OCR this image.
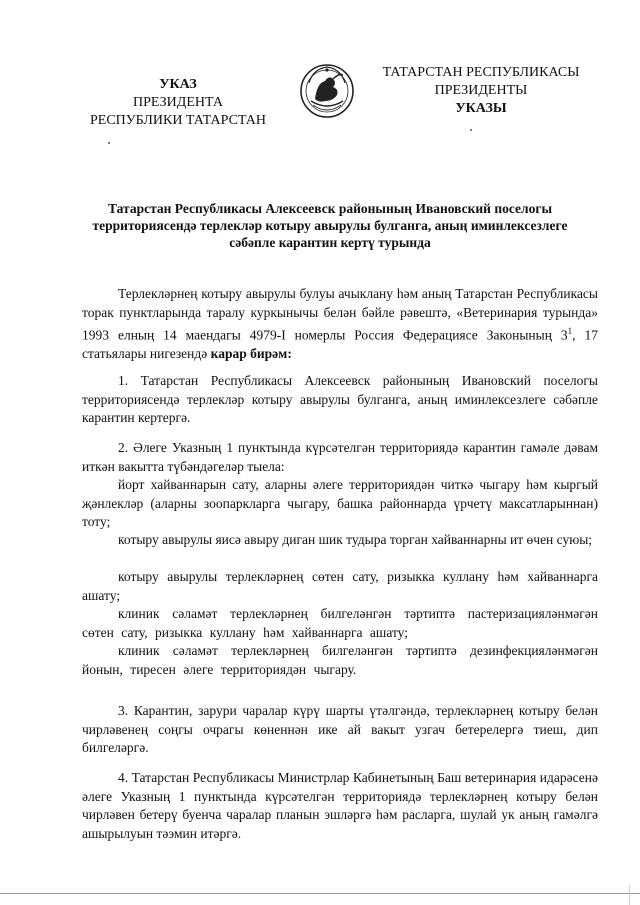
УКАЗ
ПРЕЗИДЕНТА
РЕСПУБЛИКИ ТАТАРСТАН
ТАТАРСТАН РЕСПУБЛИКАСЫ
ПРЕЗИДЕНТЫ
УКАЗЫ
Татарстан Республикасы Алексеевск районының Ивановский поселогы территориясендә терлекләр котыру авырулы булганга, аның иминлексезлеге сәбәпле карантин кертү турында
Терлекләрнең котыру авырулы булуы ачыклану һәм аның Татарстан Республикасы торак пунктларында таралу куркынычы белән бәйле рәвештә, «Ветеринария турында» 1993 елның 14 маендагы 4979-I номерлы Россия Федерациясе Законының $3^1$, 17 статьялары нигезендә карар бирәм:
1. Татарстан Республикасы Алексеевск районының Ивановский поселогы территориясендә терлекләр котыру авырулы булганга, аның иминлексезлеге сәбәпле карантин кертергә.
2. Әлеге Указның 1 пунктында күрсәтелгән территориядә карантин гамәле дәвам иткән вакытта түбәндәгеләр тыела:
йорт хайваннарын сату, аларны әлеге территориядән читкә чыгару һәм кыргый җәнлекләр (аларны зоопаркларга чыгару, башка районнарда үрчетү максатларыннан) тоту;
котыру авырулы яисә авыру диган шик тудыра торган хайваннарны ит өчен суюы;
котыру авырулы терлекләрнең сөтен сату, ризыкка куллану һәм хайваннарга ашату;
клиник сәламәт терлекләрнең билгеләнгән тәртиптә пастеризацияләнмәгән сөтен сату, ризыкка куллану һәм хайваннарга ашату;
клиник сәламәт терлекләрнең билгеләнгән тәртиптә дезинфекцияләнмәгән йонын, тиресен әлеге территориядән чыгару.
3. Карантин, зарури чаралар күрү шарты үтәлгәндә, терлекләрнең котыру белән чирләвенең соңгы очрагы көненнән ике ай вакыт узгач бетерелергә тиеш, дип билгеләргә.
4. Татарстан Республикасы Министрлар Кабинетының Баш ветеринария идарәсенә әлеге Указның 1 пунктында күрсәтелгән территориядә терлекләрнең котыру белән чирләвен бетерү буенча чаралар планын эшләргә һәм расларга, шулай ук аның гамәлгә ашырылуын тәэмин итәргә.
